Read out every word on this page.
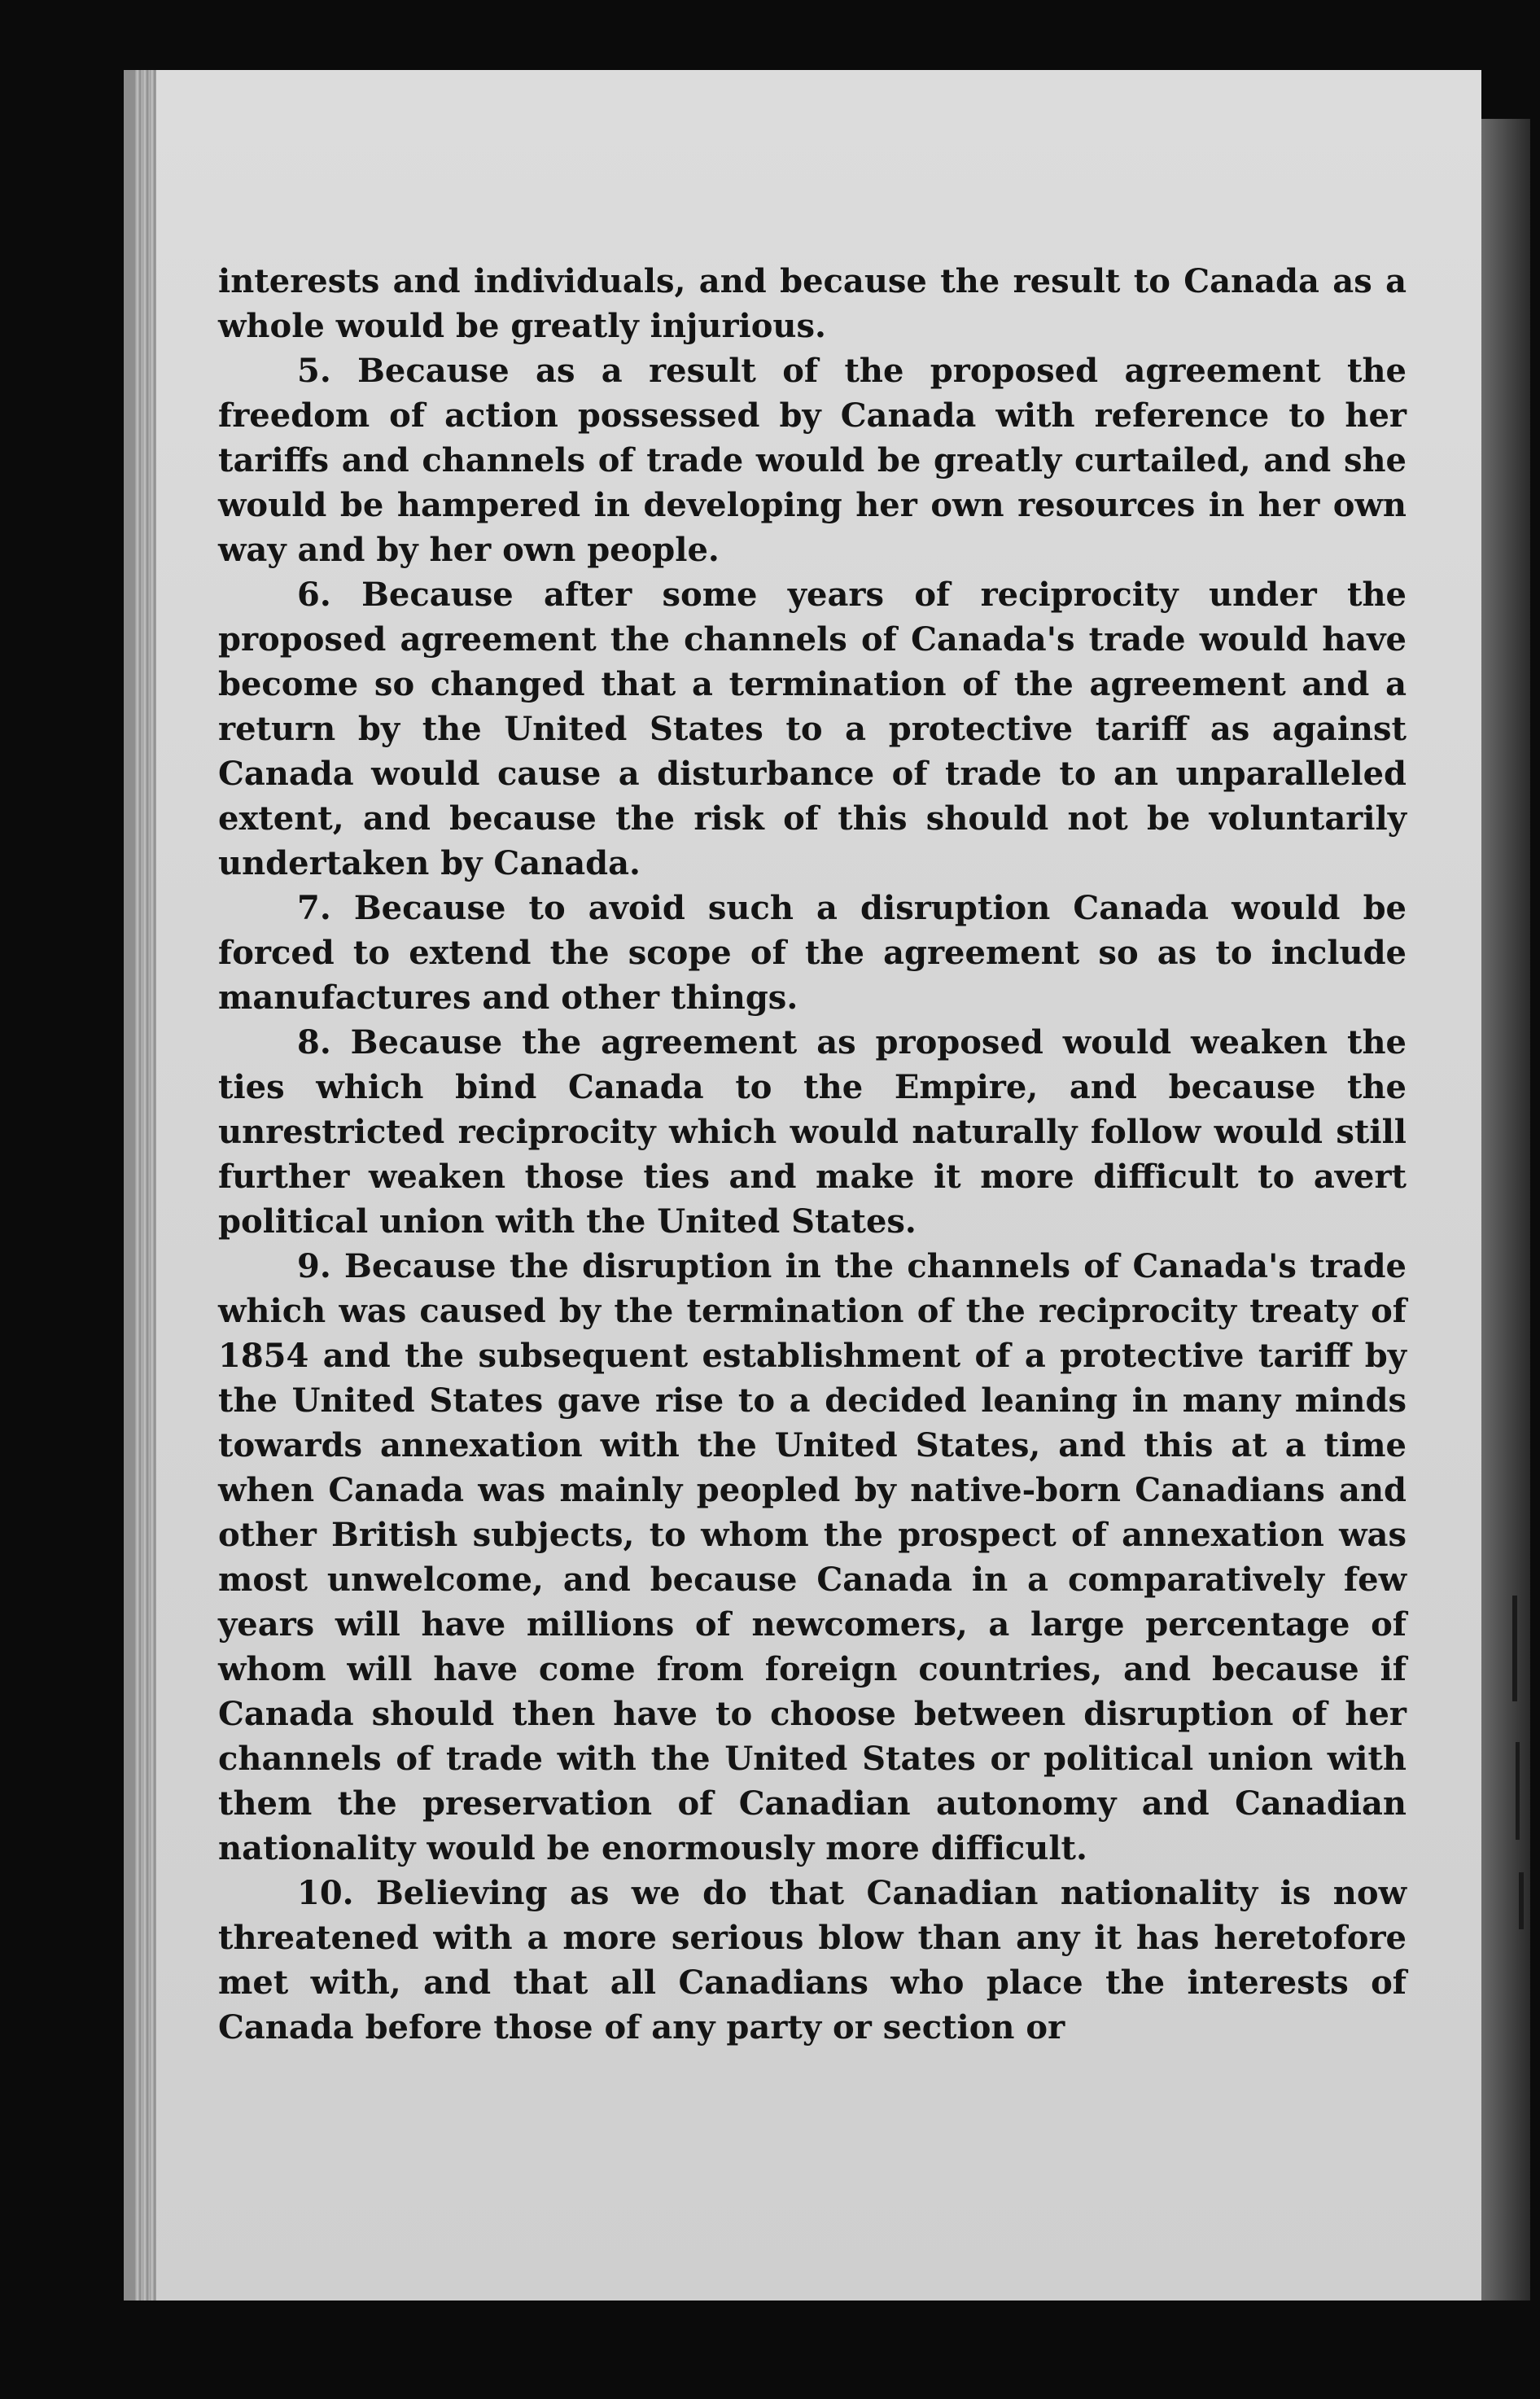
interests and individuals, and because the result to Canada as a whole would be greatly injurious.

5. Because as a result of the proposed agreement the freedom of action possessed by Canada with reference to her tariffs and channels of trade would be greatly curtailed, and she would be hampered in developing her own resources in her own way and by her own people.

6. Because after some years of reciprocity under the proposed agreement the channels of Canada's trade would have become so changed that a termination of the agreement and a return by the United States to a protective tariff as against Canada would cause a disturbance of trade to an unparalleled extent, and because the risk of this should not be voluntarily undertaken by Canada.

7. Because to avoid such a disruption Canada would be forced to extend the scope of the agreement so as to include manufactures and other things.

8. Because the agreement as proposed would weaken the ties which bind Canada to the Empire, and because the unrestricted reciprocity which would naturally follow would still further weaken those ties and make it more difficult to avert political union with the United States.

9. Because the disruption in the channels of Canada's trade which was caused by the termination of the reciprocity treaty of 1854 and the subsequent establishment of a protective tariff by the United States gave rise to a decided leaning in many minds towards annexation with the United States, and this at a time when Canada was mainly peopled by native-born Canadians and other British subjects, to whom the prospect of annexation was most unwelcome, and because Canada in a comparatively few years will have millions of newcomers, a large percentage of whom will have come from foreign countries, and because if Canada should then have to choose between disruption of her channels of trade with the United States or political union with them the preservation of Canadian autonomy and Canadian nationality would be enormously more difficult.

10. Believing as we do that Canadian nationality is now threatened with a more serious blow than any it has heretofore met with, and that all Canadians who place the interests of Canada before those of any party or section or
